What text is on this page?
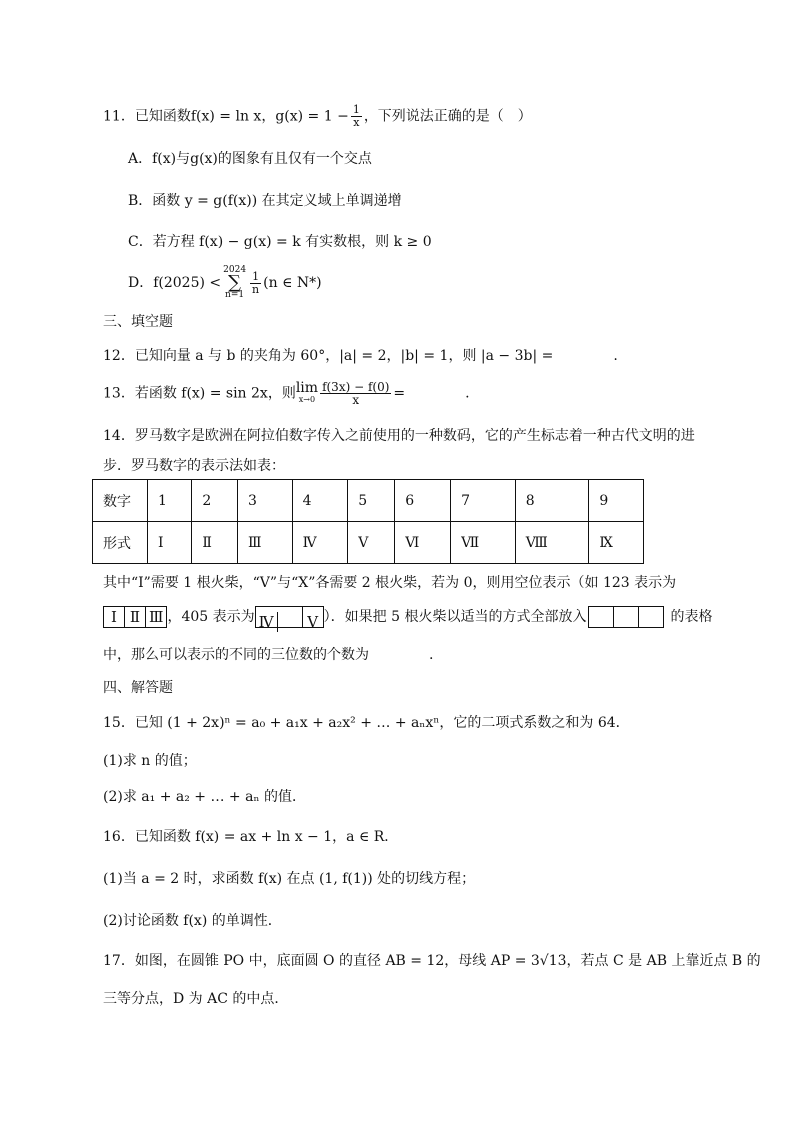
11．已知函数f(x) = ln x，$g(x) = 1 - \frac{1}{x}$ ，下列说法正确的是（　）
A．f(x)与g(x)的图象有且仅有一个交点
B．函数 y = g(f(x)) 在其定义域上单调递增
C．若方程 f(x) − g(x) = k 有实数根，则 k ≥ 0
D．f(2025) <2024
∑
$n=1 \frac{1}{n} (n$ ∈ N*)
三、填空题
12．已知向量 a 与 b 的夹角为 60°，|a| = 2，|b| = 1，则 |a − 3b| =	.
13．若函数 f(x) = sin 2x，则lim
$x\to 0 \frac{f(3x) - f(0)}{x}$ =	.
14．罗马数字是欧洲在阿拉伯数字传入之前使用的一种数码，它的产生标志着一种古代文明的进
步．罗马数字的表示法如表：
数字	1	2	3	4	5	6	7	8	9
形式	Ⅰ	Ⅱ	Ⅲ	Ⅳ	Ⅴ	Ⅵ	Ⅶ	Ⅷ	Ⅸ
其中“Ⅰ”需要 1 根火柴，“Ⅴ”与“X”各需要 2 根火柴，若为 0，则用空位表示（如 123 表示为
Ⅰ Ⅱ Ⅲ ，405 表示为 Ⅳ Ⅴ ）．如果把 5 根火柴以适当的方式全部放入	的表格
中，那么可以表示的不同的三位数的个数为	.
四、解答题
15．已知 (1 + 2x)ⁿ = a₀ + a₁x + a₂x² + … + aₙxⁿ，它的二项式系数之和为 64．
(1)求 n 的值；
(2)求 a₁ + a₂ + … + aₙ 的值．
16．已知函数 f(x) = ax + ln x − 1，a ∈ R．
(1)当 a = 2 时，求函数 f(x) 在点 (1, f(1)) 处的切线方程；
(2)讨论函数 f(x) 的单调性．
17．如图，在圆锥 PO 中，底面圆 O 的直径 AB = 12，母线 AP = 3√13，若点 C 是 AB 上靠近点 B 的
三等分点，D 为 AC 的中点．
